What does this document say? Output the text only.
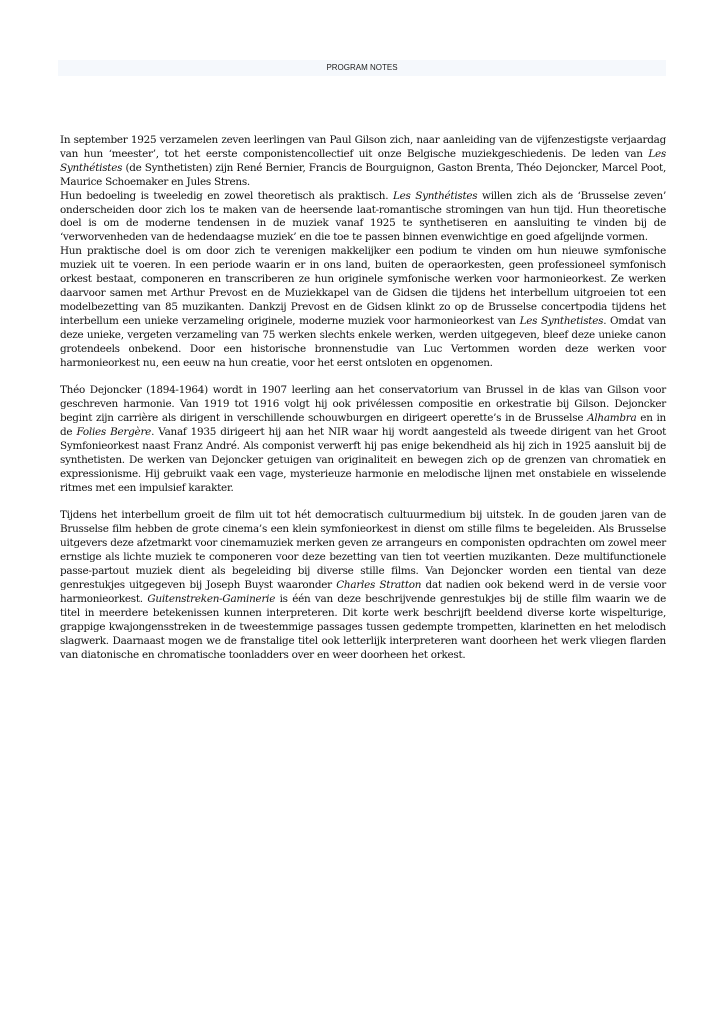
PROGRAM NOTES

In september 1925 verzamelen zeven leerlingen van Paul Gilson zich, naar aanleiding van de vijfenzestigste verjaardag van hun ‘meester’, tot het eerste componistencollectief uit onze Belgische muziekgeschiedenis. De leden van Les Synthétistes (de Synthetisten) zijn René Bernier, Francis de Bourguignon, Gaston Brenta, Théo Dejoncker, Marcel Poot, Maurice Schoemaker en Jules Strens.

Hun bedoeling is tweeledig en zowel theoretisch als praktisch. Les Synthétistes willen zich als de ‘Brusselse zeven’ onderscheiden door zich los te maken van de heersende laat-romantische stromingen van hun tijd. Hun theoretische doel is om de moderne tendensen in de muziek vanaf 1925 te synthetiseren en aansluiting te vinden bij de ‘verworvenheden van de hedendaagse muziek’ en die toe te passen binnen evenwichtige en goed afgelijnde vormen.

Hun praktische doel is om door zich te verenigen makkelijker een podium te vinden om hun nieuwe symfonische muziek uit te voeren. In een periode waarin er in ons land, buiten de operaorkesten, geen professioneel symfonisch orkest bestaat, componeren en transcriberen ze hun originele symfonische werken voor harmonieorkest. Ze werken daarvoor samen met Arthur Prevost en de Muziekkapel van de Gidsen die tijdens het interbellum uitgroeien tot een modelbezetting van 85 muzikanten. Dankzij Prevost en de Gidsen klinkt zo op de Brusselse concertpodia tijdens het interbellum een unieke verzameling originele, moderne muziek voor harmonieorkest van Les Synthetistes. Omdat van deze unieke, vergeten verzameling van 75 werken slechts enkele werken, werden uitgegeven, bleef deze unieke canon grotendeels onbekend. Door een historische bronnenstudie van Luc Vertommen worden deze werken voor harmonieorkest nu, een eeuw na hun creatie, voor het eerst ontsloten en opgenomen.

Théo Dejoncker (1894-1964) wordt in 1907 leerling aan het conservatorium van Brussel in de klas van Gilson voor geschreven harmonie. Van 1919 tot 1916 volgt hij ook privélessen compositie en orkestratie bij Gilson. Dejoncker begint zijn carrière als dirigent in verschillende schouwburgen en dirigeert operette’s in de Brusselse Alhambra en in de Folies Bergère. Vanaf 1935 dirigeert hij aan het NIR waar hij wordt aangesteld als tweede dirigent van het Groot Symfonieorkest naast Franz André. Als componist verwerft hij pas enige bekendheid als hij zich in 1925 aansluit bij de synthetisten. De werken van Dejoncker getuigen van originaliteit en bewegen zich op de grenzen van chromatiek en expressionisme. Hij gebruikt vaak een vage, mysterieuze harmonie en melodische lijnen met onstabiele en wisselende ritmes met een impulsief karakter.

Tijdens het interbellum groeit de film uit tot hét democratisch cultuurmedium bij uitstek. In de gouden jaren van de Brusselse film hebben de grote cinema’s een klein symfonieorkest in dienst om stille films te begeleiden. Als Brusselse uitgevers deze afzetmarkt voor cinemamuziek merken geven ze arrangeurs en componisten opdrachten om zowel meer ernstige als lichte muziek te componeren voor deze bezetting van tien tot veertien muzikanten. Deze multifunctionele passe-partout muziek dient als begeleiding bij diverse stille films. Van Dejoncker worden een tiental van deze genrestukjes uitgegeven bij Joseph Buyst waaronder Charles Stratton dat nadien ook bekend werd in de versie voor harmonieorkest. Guitenstreken-Gaminerie is één van deze beschrijvende genrestukjes bij de stille film waarin we de titel in meerdere betekenissen kunnen interpreteren. Dit korte werk beschrijft beeldend diverse korte wispelturige, grappige kwajongensstreken in de tweestemmige passages tussen gedempte trompetten, klarinetten en het melodisch slagwerk. Daarnaast mogen we de franstalige titel ook letterlijk interpreteren want doorheen het werk vliegen flarden van diatonische en chromatische toonladders over en weer doorheen het orkest.
